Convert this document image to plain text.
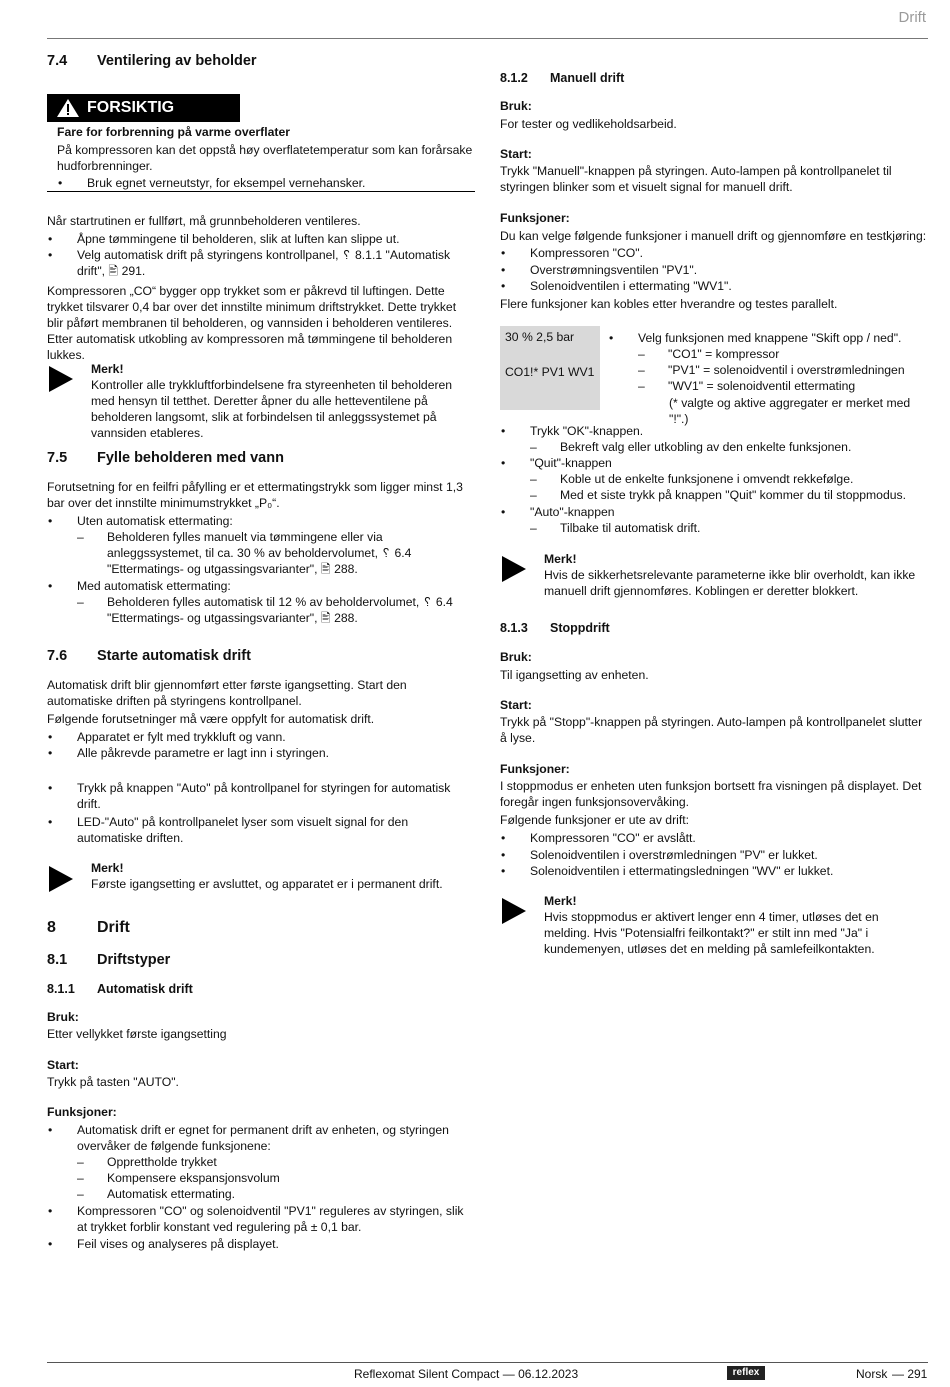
Drift
7.4 Ventilering av beholder
FORSIKTIG
Fare for forbrenning på varme overflater
På kompressoren kan det oppstå høy overflatetemperatur som kan forårsake hudforbrenninger.
• Bruk egnet verneutstyr, for eksempel vernehansker.
Når startrutinen er fullført, må grunnbeholderen ventileres.
• Åpne tømmingene til beholderen, slik at luften kan slippe ut.
• Velg automatisk drift på styringens kontrollpanel, ␦ 8.1.1 "Automatisk drift", 🖹 291.
Kompressoren „CO“ bygger opp trykket som er påkrevd til luftingen. Dette trykket tilsvarer 0,4 bar over det innstilte minimum driftstrykket. Dette trykket blir påført membranen til beholderen, og vannsiden i beholderen ventileres. Etter automatisk utkobling av kompressoren må tømmingene til beholderen lukkes.
Merk!
Kontroller alle trykkluftforbindelsene fra styreenheten til beholderen med hensyn til tetthet. Deretter åpner du alle hetteventilene på beholderen langsomt, slik at forbindelsen til anleggssystemet på vannsiden etableres.
7.5 Fylle beholderen med vann
Forutsetning for en feilfri påfylling er et ettermatingstrykk som ligger minst 1,3 bar over det innstilte minimumstrykket „P₀“.
• Uten automatisk ettermating:
– Beholderen fylles manuelt via tømmingene eller via anleggssystemet, til ca. 30 % av beholdervolumet, ␦ 6.4 "Ettermatings- og utgassingsvarianter", 🖹 288.
• Med automatisk ettermating:
– Beholderen fylles automatisk til 12 % av beholdervolumet, ␦ 6.4 "Ettermatings- og utgassingsvarianter", 🖹 288.
7.6 Starte automatisk drift
Automatisk drift blir gjennomført etter første igangsetting. Start den automatiske driften på styringens kontrollpanel.
Følgende forutsetninger må være oppfylt for automatisk drift.
• Apparatet er fylt med trykkluft og vann.
• Alle påkrevde parametre er lagt inn i styringen.
• Trykk på knappen "Auto" på kontrollpanel for styringen for automatisk drift.
• LED-"Auto" på kontrollpanelet lyser som visuelt signal for den automatiske driften.
Merk!
Første igangsetting er avsluttet, og apparatet er i permanent drift.
8	Drift
8.1 Driftstyper
8.1.1 Automatisk drift
Bruk:
Etter vellykket første igangsetting
Start:
Trykk på tasten "AUTO".
Funksjoner:
• Automatisk drift er egnet for permanent drift av enheten, og styringen overvåker de følgende funksjonene:
– Opprettholde trykket
– Kompensere ekspansjonsvolum
– Automatisk ettermating.
• Kompressoren "CO" og solenoidventil "PV1" reguleres av styringen, slik at trykket forblir konstant ved regulering på ± 0,1 bar.
• Feil vises og analyseres på displayet.
8.1.2 Manuell drift
Bruk:
For tester og vedlikeholdsarbeid.
Start:
Trykk "Manuell"-knappen på styringen. Auto-lampen på kontrollpanelet til styringen blinker som et visuelt signal for manuell drift.
Funksjoner:
Du kan velge følgende funksjoner i manuell drift og gjennomføre en testkjøring:
• Kompressoren "CO".
• Overstrømningsventilen "PV1".
• Solenoidventilen i ettermating "WV1".
Flere funksjoner kan kobles etter hverandre og testes parallelt.
30 % 2,5 bar
CO1!* PV1 WV1
• Velg funksjonen med knappene "Skift opp / ned".
– "CO1" = kompressor
– "PV1" = solenoidventil i overstrømledningen
– "WV1" = solenoidventil ettermating
(* valgte og aktive aggregater er merket med "!".)
• Trykk "OK"-knappen.
– Bekreft valg eller utkobling av den enkelte funksjonen.
• "Quit"-knappen
– Koble ut de enkelte funksjonene i omvendt rekkefølge.
– Med et siste trykk på knappen "Quit" kommer du til stoppmodus.
• "Auto"-knappen
– Tilbake til automatisk drift.
Merk!
Hvis de sikkerhetsrelevante parameterne ikke blir overholdt, kan ikke manuell drift gjennomføres. Koblingen er deretter blokkert.
8.1.3 Stoppdrift
Bruk:
Til igangsetting av enheten.
Start:
Trykk på "Stopp"-knappen på styringen. Auto-lampen på kontrollpanelet slutter å lyse.
Funksjoner:
I stoppmodus er enheten uten funksjon bortsett fra visningen på displayet. Det foregår ingen funksjonsovervåking.
Følgende funksjoner er ute av drift:
• Kompressoren "CO" er avslått.
• Solenoidventilen i overstrømledningen "PV" er lukket.
• Solenoidventilen i ettermatingsledningen "WV" er lukket.
Merk!
Hvis stoppmodus er aktivert lenger enn 4 timer, utløses det en melding. Hvis "Potensialfri feilkontakt?" er stilt inn med "Ja" i kundemenyen, utløses det en melding på samlefeilkontakten.
Reflexomat Silent Compact — 06.12.2023	reflex	Norsk — 291
